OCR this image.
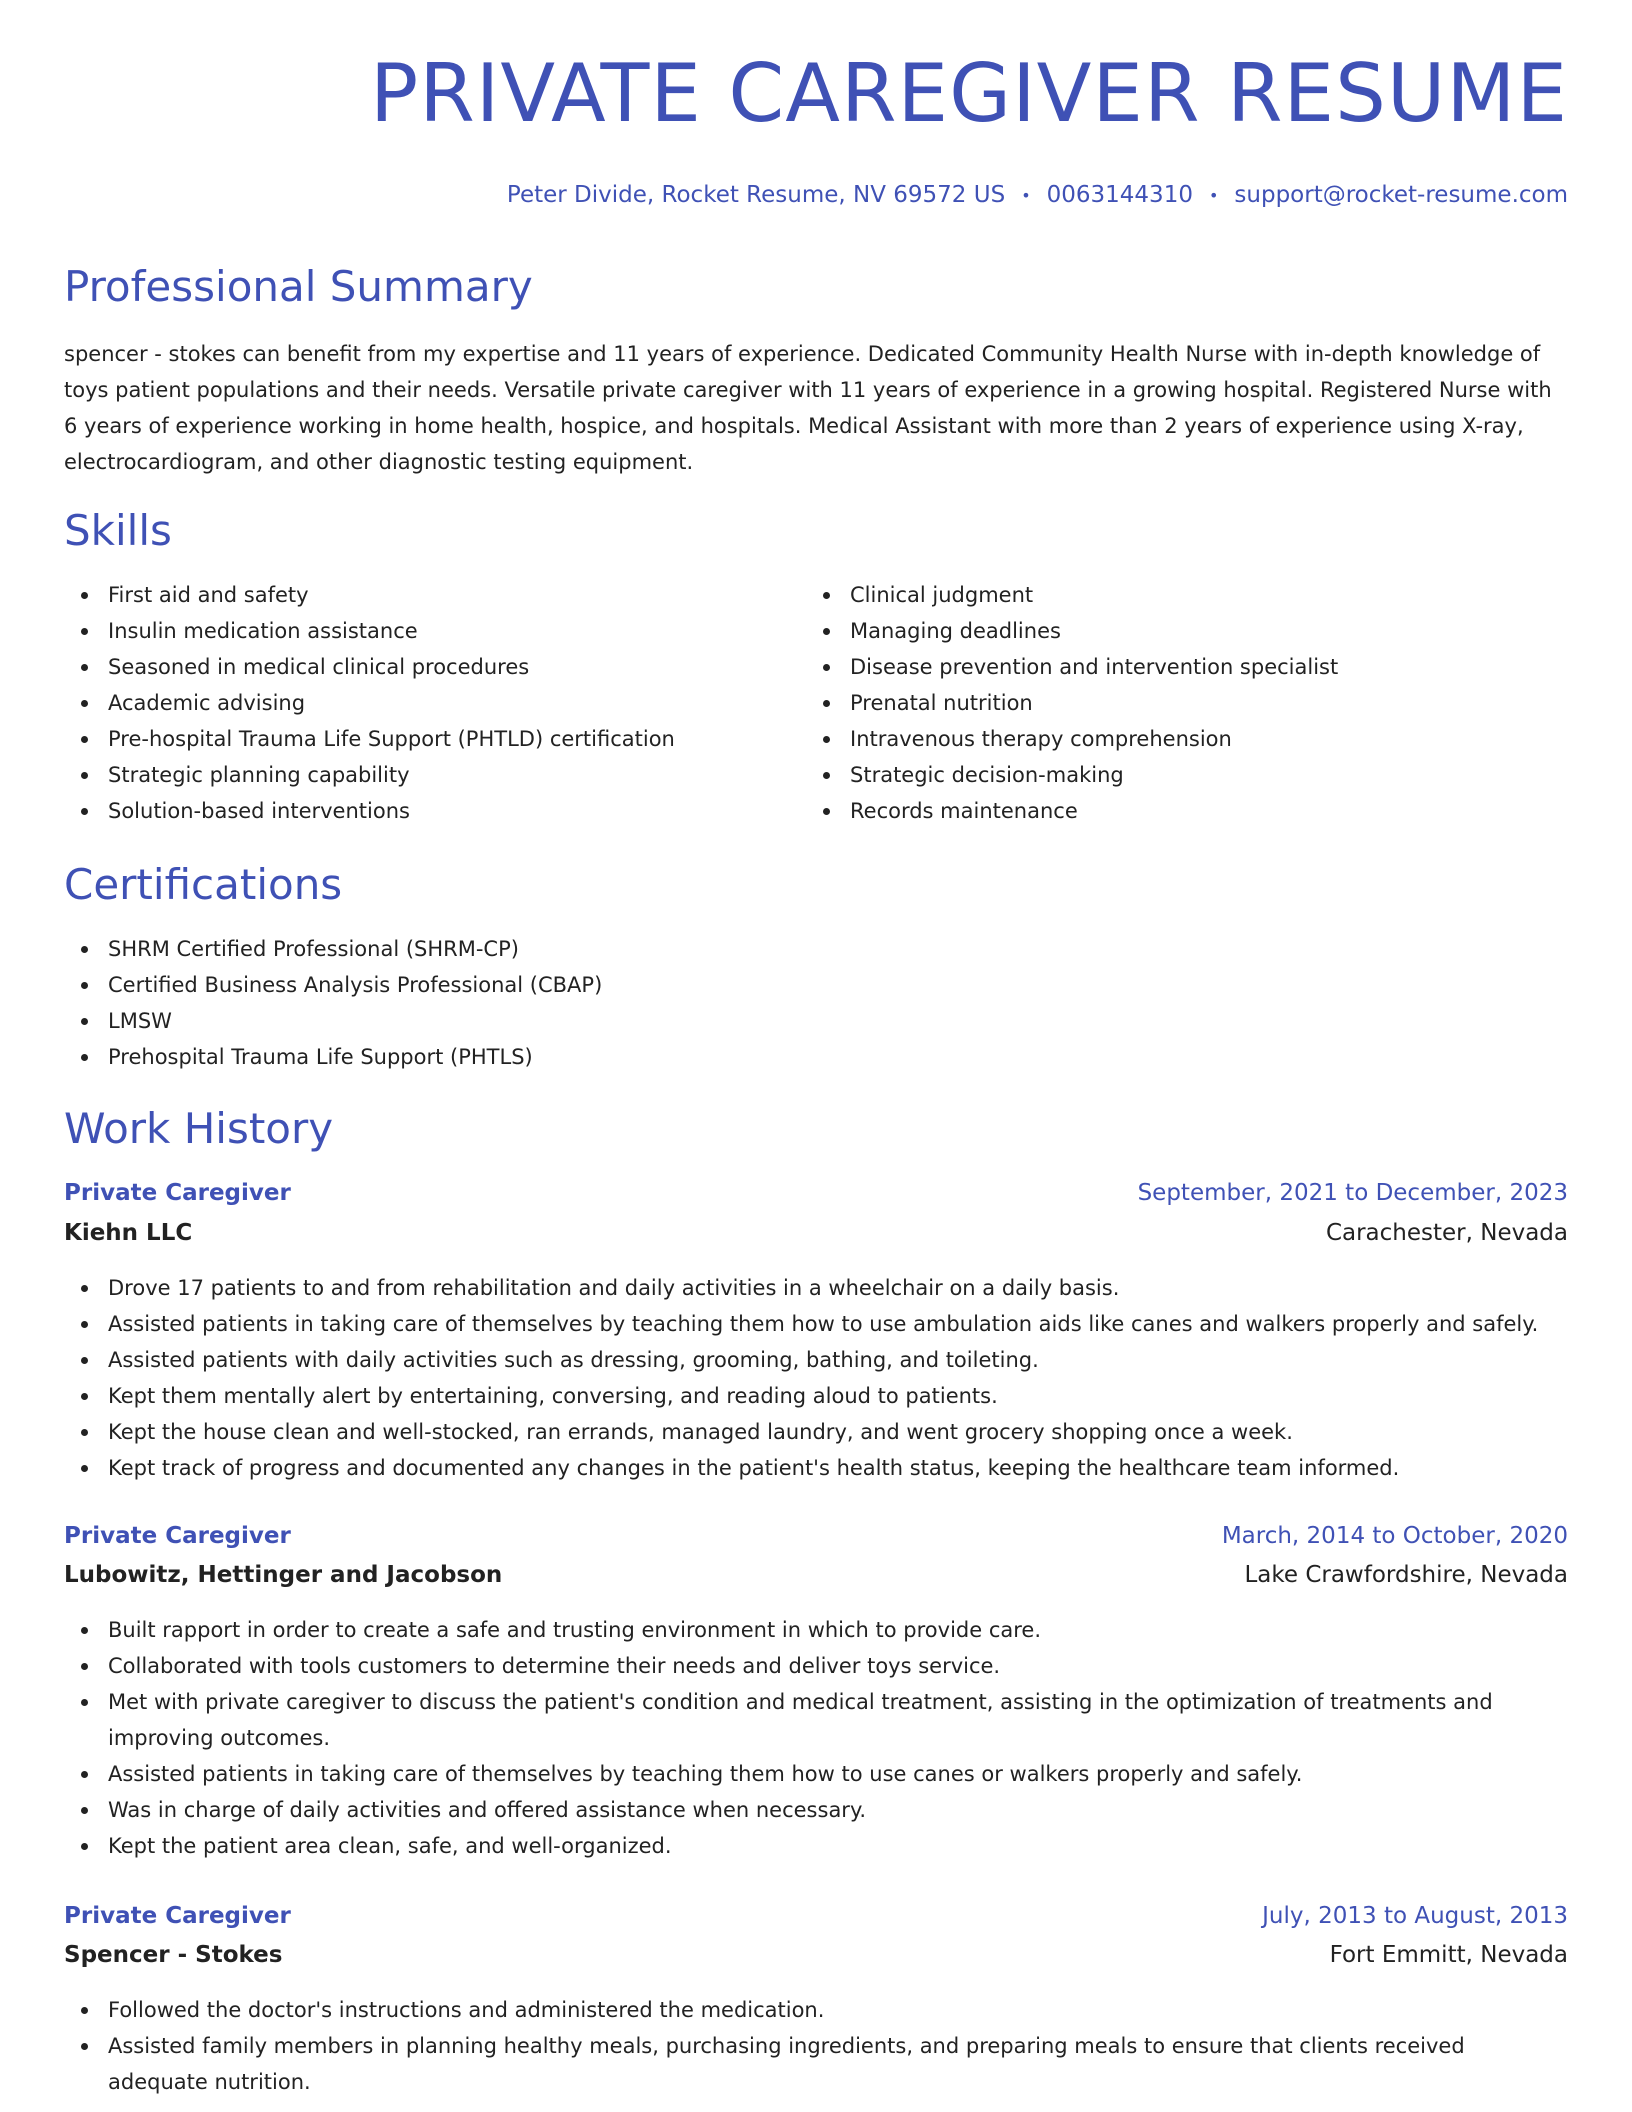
PRIVATE CAREGIVER RESUME
Peter Divide, Rocket Resume, NV 69572 US • 0063144310 • support@rocket-resume.com
Professional Summary

spencer - stokes can benefit from my expertise and 11 years of experience. Dedicated Community Health Nurse with in-depth knowledge of toys patient populations and their needs. Versatile private caregiver with 11 years of experience in a growing hospital. Registered Nurse with 6 years of experience working in home health, hospice, and hospitals. Medical Assistant with more than 2 years of experience using X-ray, electrocardiogram, and other diagnostic testing equipment.

Skills
First aid and safety
Insulin medication assistance
Seasoned in medical clinical procedures
Academic advising
Pre-hospital Trauma Life Support (PHTLD) certification
Strategic planning capability
Solution-based interventions
Clinical judgment
Managing deadlines
Disease prevention and intervention specialist
Prenatal nutrition
Intravenous therapy comprehension
Strategic decision-making
Records maintenance
Certifications
SHRM Certified Professional (SHRM-CP)
Certified Business Analysis Professional (CBAP)
LMSW
Prehospital Trauma Life Support (PHTLS)
Work History
Private Caregiver	September, 2021 to December, 2023
Kiehn LLC	Carachester, Nevada
Drove 17 patients to and from rehabilitation and daily activities in a wheelchair on a daily basis.
Assisted patients in taking care of themselves by teaching them how to use ambulation aids like canes and walkers properly and safely.
Assisted patients with daily activities such as dressing, grooming, bathing, and toileting.
Kept them mentally alert by entertaining, conversing, and reading aloud to patients.
Kept the house clean and well-stocked, ran errands, managed laundry, and went grocery shopping once a week.
Kept track of progress and documented any changes in the patient's health status, keeping the healthcare team informed.
Private Caregiver	March, 2014 to October, 2020
Lubowitz, Hettinger and Jacobson	Lake Crawfordshire, Nevada
Built rapport in order to create a safe and trusting environment in which to provide care.
Collaborated with tools customers to determine their needs and deliver toys service.
Met with private caregiver to discuss the patient's condition and medical treatment, assisting in the optimization of treatments and improving outcomes.
Assisted patients in taking care of themselves by teaching them how to use canes or walkers properly and safely.
Was in charge of daily activities and offered assistance when necessary.
Kept the patient area clean, safe, and well-organized.
Private Caregiver	July, 2013 to August, 2013
Spencer - Stokes	Fort Emmitt, Nevada
Followed the doctor's instructions and administered the medication.
Assisted family members in planning healthy meals, purchasing ingredients, and preparing meals to ensure that clients received adequate nutrition.
